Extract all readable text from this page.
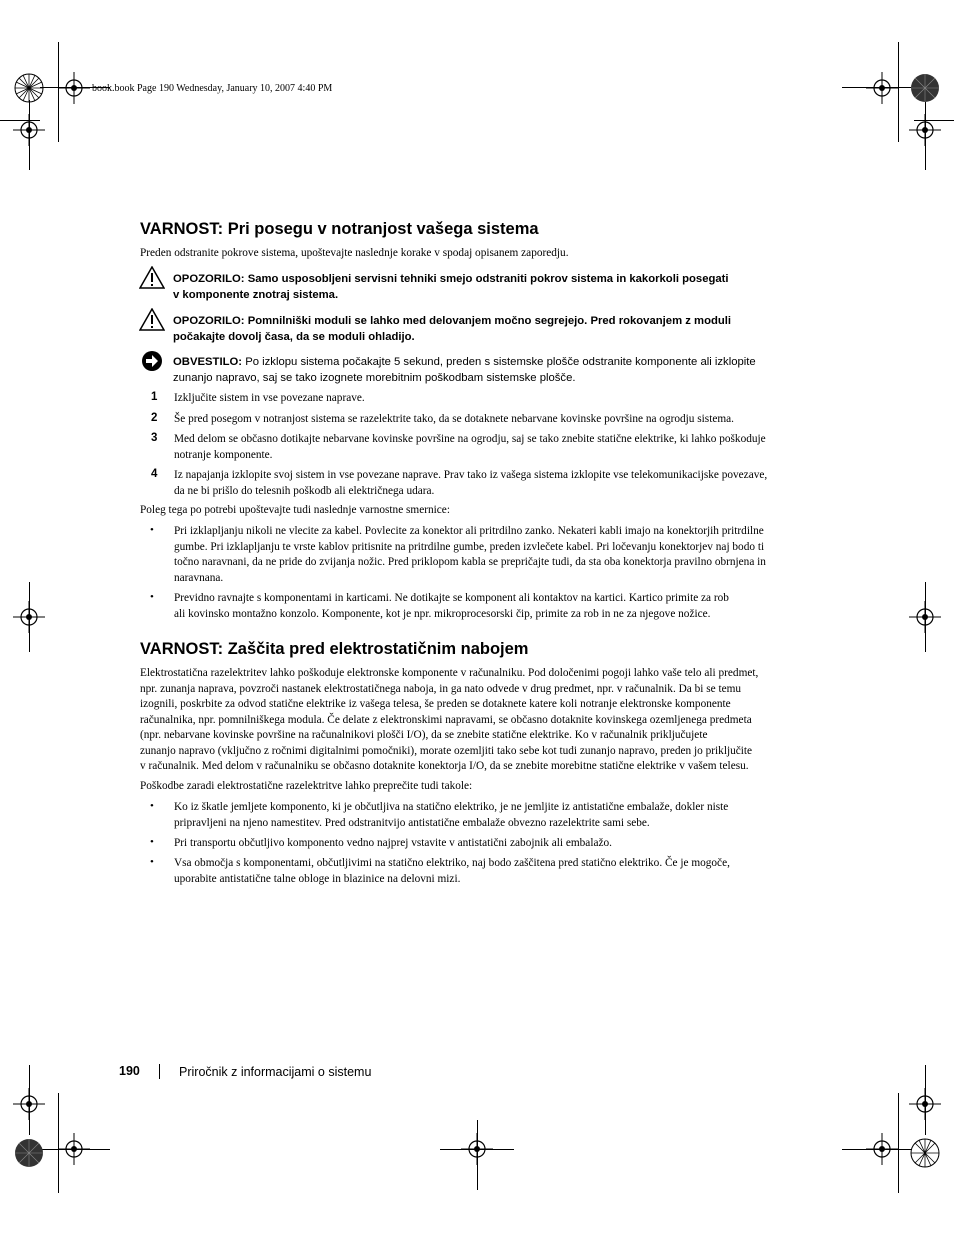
book.book Page 190 Wednesday, January 10, 2007 4:40 PM
VARNOST: Pri posegu v notranjost vašega sistema
Preden odstranite pokrove sistema, upoštevajte naslednje korake v spodaj opisanem zaporedju.
OPOZORILO: Samo usposobljeni servisni tehniki smejo odstraniti pokrov sistema in kakorkoli posegati
v komponente znotraj sistema.
OPOZORILO: Pomnilniški moduli se lahko med delovanjem močno segrejejo. Pred rokovanjem z moduli
počakajte dovolj časa, da se moduli ohladijo.
OBVESTILO: Po izklopu sistema počakajte 5 sekund, preden s sistemske plošče odstranite komponente ali izklopite
zunanjo napravo, saj se tako izognete morebitnim poškodbam sistemske plošče.
1 Izključite sistem in vse povezane naprave.
2 Še pred posegom v notranjost sistema se razelektrite tako, da se dotaknete nebarvane kovinske površine na ogrodju sistema.
3 Med delom se občasno dotikajte nebarvane kovinske površine na ogrodju, saj se tako znebite statične elektrike, ki lahko poškoduje
notranje komponente.
4 Iz napajanja izklopite svoj sistem in vse povezane naprave. Prav tako iz vašega sistema izklopite vse telekomunikacijske povezave,
da ne bi prišlo do telesnih poškodb ali električnega udara.
Poleg tega po potrebi upoštevajte tudi naslednje varnostne smernice:
• Pri izklapljanju nikoli ne vlecite za kabel. Povlecite za konektor ali pritrdilno zanko. Nekateri kabli imajo na konektorjih pritrdilne
gumbe. Pri izklapljanju te vrste kablov pritisnite na pritrdilne gumbe, preden izvlečete kabel. Pri ločevanju konektorjev naj bodo ti
točno naravnani, da ne pride do zvijanja nožic. Pred priklopom kabla se prepričajte tudi, da sta oba konektorja pravilno obrnjena in
naravnana.
• Previdno ravnajte s komponentami in karticami. Ne dotikajte se komponent ali kontaktov na kartici. Kartico primite za rob
ali kovinsko montažno konzolo. Komponente, kot je npr. mikroprocesorski čip, primite za rob in ne za njegove nožice.
VARNOST: Zaščita pred elektrostatičnim nabojem
Elektrostatična razelektritev lahko poškoduje elektronske komponente v računalniku. Pod določenimi pogoji lahko vaše telo ali predmet,
npr. zunanja naprava, povzroči nastanek elektrostatičnega naboja, in ga nato odvede v drug predmet, npr. v računalnik. Da bi se temu
izognili, poskrbite za odvod statične elektrike iz vašega telesa, še preden se dotaknete katere koli notranje elektronske komponente
računalnika, npr. pomnilniškega modula. Če delate z elektronskimi napravami, se občasno dotaknite kovinskega ozemljenega predmeta
(npr. nebarvane kovinske površine na računalnikovi plošči I/O), da se znebite statične elektrike. Ko v računalnik priključujete
zunanjo napravo (vključno z ročnimi digitalnimi pomočniki), morate ozemljiti tako sebe kot tudi zunanjo napravo, preden jo priključite
v računalnik. Med delom v računalniku se občasno dotaknite konektorja I/O, da se znebite morebitne statične elektrike v vašem telesu.
Poškodbe zaradi elektrostatične razelektritve lahko preprečite tudi takole:
• Ko iz škatle jemljete komponento, ki je občutljiva na statično elektriko, je ne jemljite iz antistatične embalaže, dokler niste
pripravljeni na njeno namestitev. Pred odstranitvijo antistatične embalaže obvezno razelektrite sami sebe.
• Pri transportu občutljivo komponento vedno najprej vstavite v antistatični zabojnik ali embalažo.
• Vsa območja s komponentami, občutljivimi na statično elektriko, naj bodo zaščitena pred statično elektriko. Če je mogoče,
uporabite antistatične talne obloge in blazinice na delovni mizi.
190	Priročnik z informacijami o sistemu
